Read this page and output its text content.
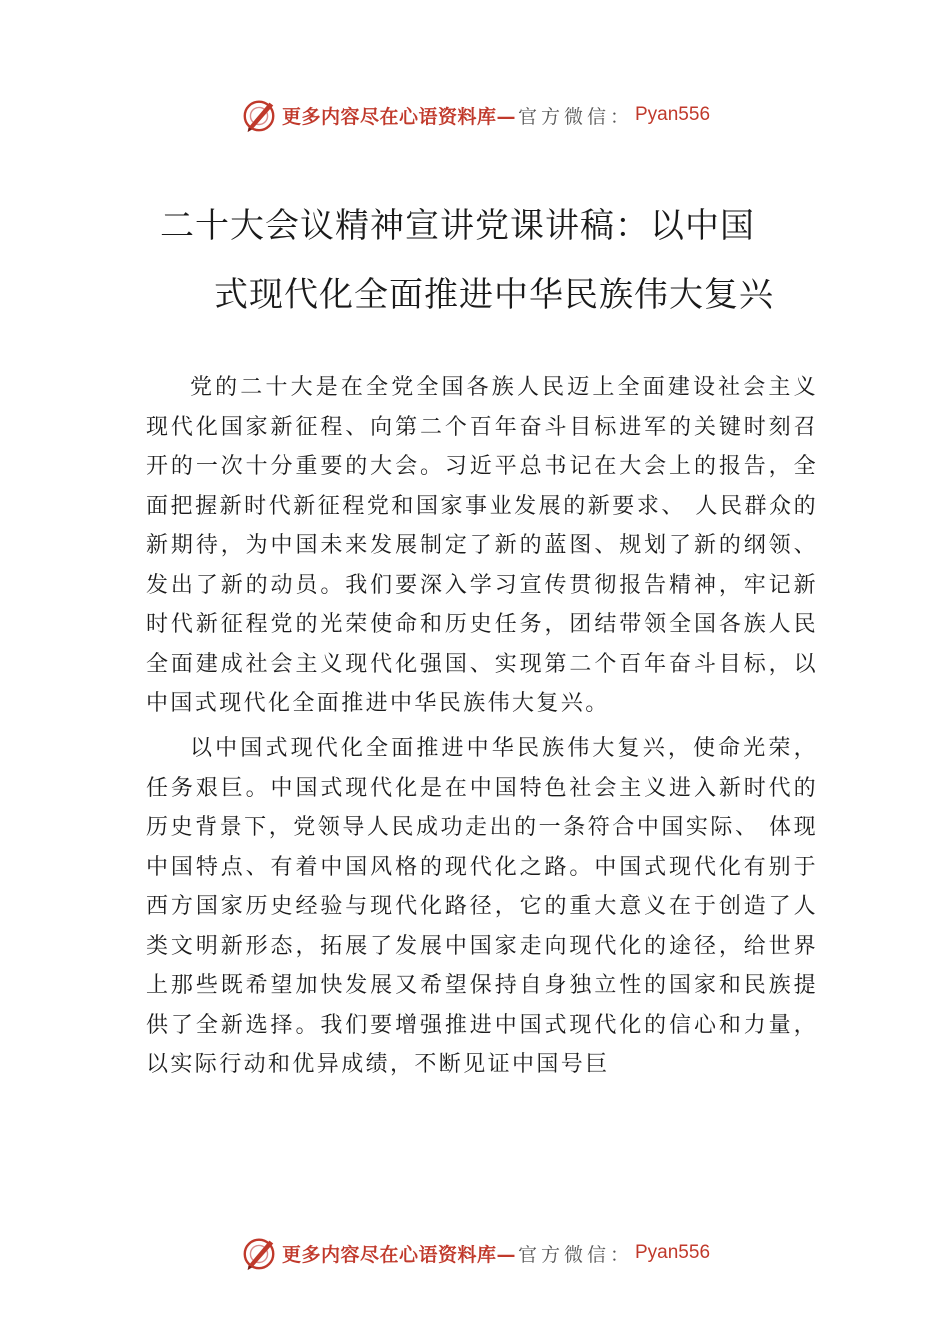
更多内容尽在心语资料库— 官方微信： Pyan556
二十大会议精神宣讲党课讲稿：以中国
式现代化全面推进中华民族伟大复兴

党的二十大是在全党全国各族人民迈上全面建设社会主义现代化国家新征程、向第二个百年奋斗目标进军的关键时刻召开的一次十分重要的大会。习近平总书记在大会上的报告，全面把握新时代新征程党和国家事业发展的新要求、 人民群众的新期待，为中国未来发展制定了新的蓝图、规划了新的纲领、发出了新的动员。我们要深入学习宣传贯彻报告精神，牢记新时代新征程党的光荣使命和历史任务，团结带领全国各族人民全面建成社会主义现代化强国、实现第二个百年奋斗目标，以中国式现代化全面推进中华民族伟大复兴。

以中国式现代化全面推进中华民族伟大复兴，使命光荣，任务艰巨。中国式现代化是在中国特色社会主义进入新时代的历史背景下，党领导人民成功走出的一条符合中国实际、 体现中国特点、有着中国风格的现代化之路。中国式现代化有别于西方国家历史经验与现代化路径，它的重大意义在于创造了人类文明新形态，拓展了发展中国家走向现代化的途径，给世界上那些既希望加快发展又希望保持自身独立性的国家和民族提供了全新选择。我们要增强推进中国式现代化的信心和力量，以实际行动和优异成绩，不断见证中国号巨

更多内容尽在心语资料库— 官方微信： Pyan556
